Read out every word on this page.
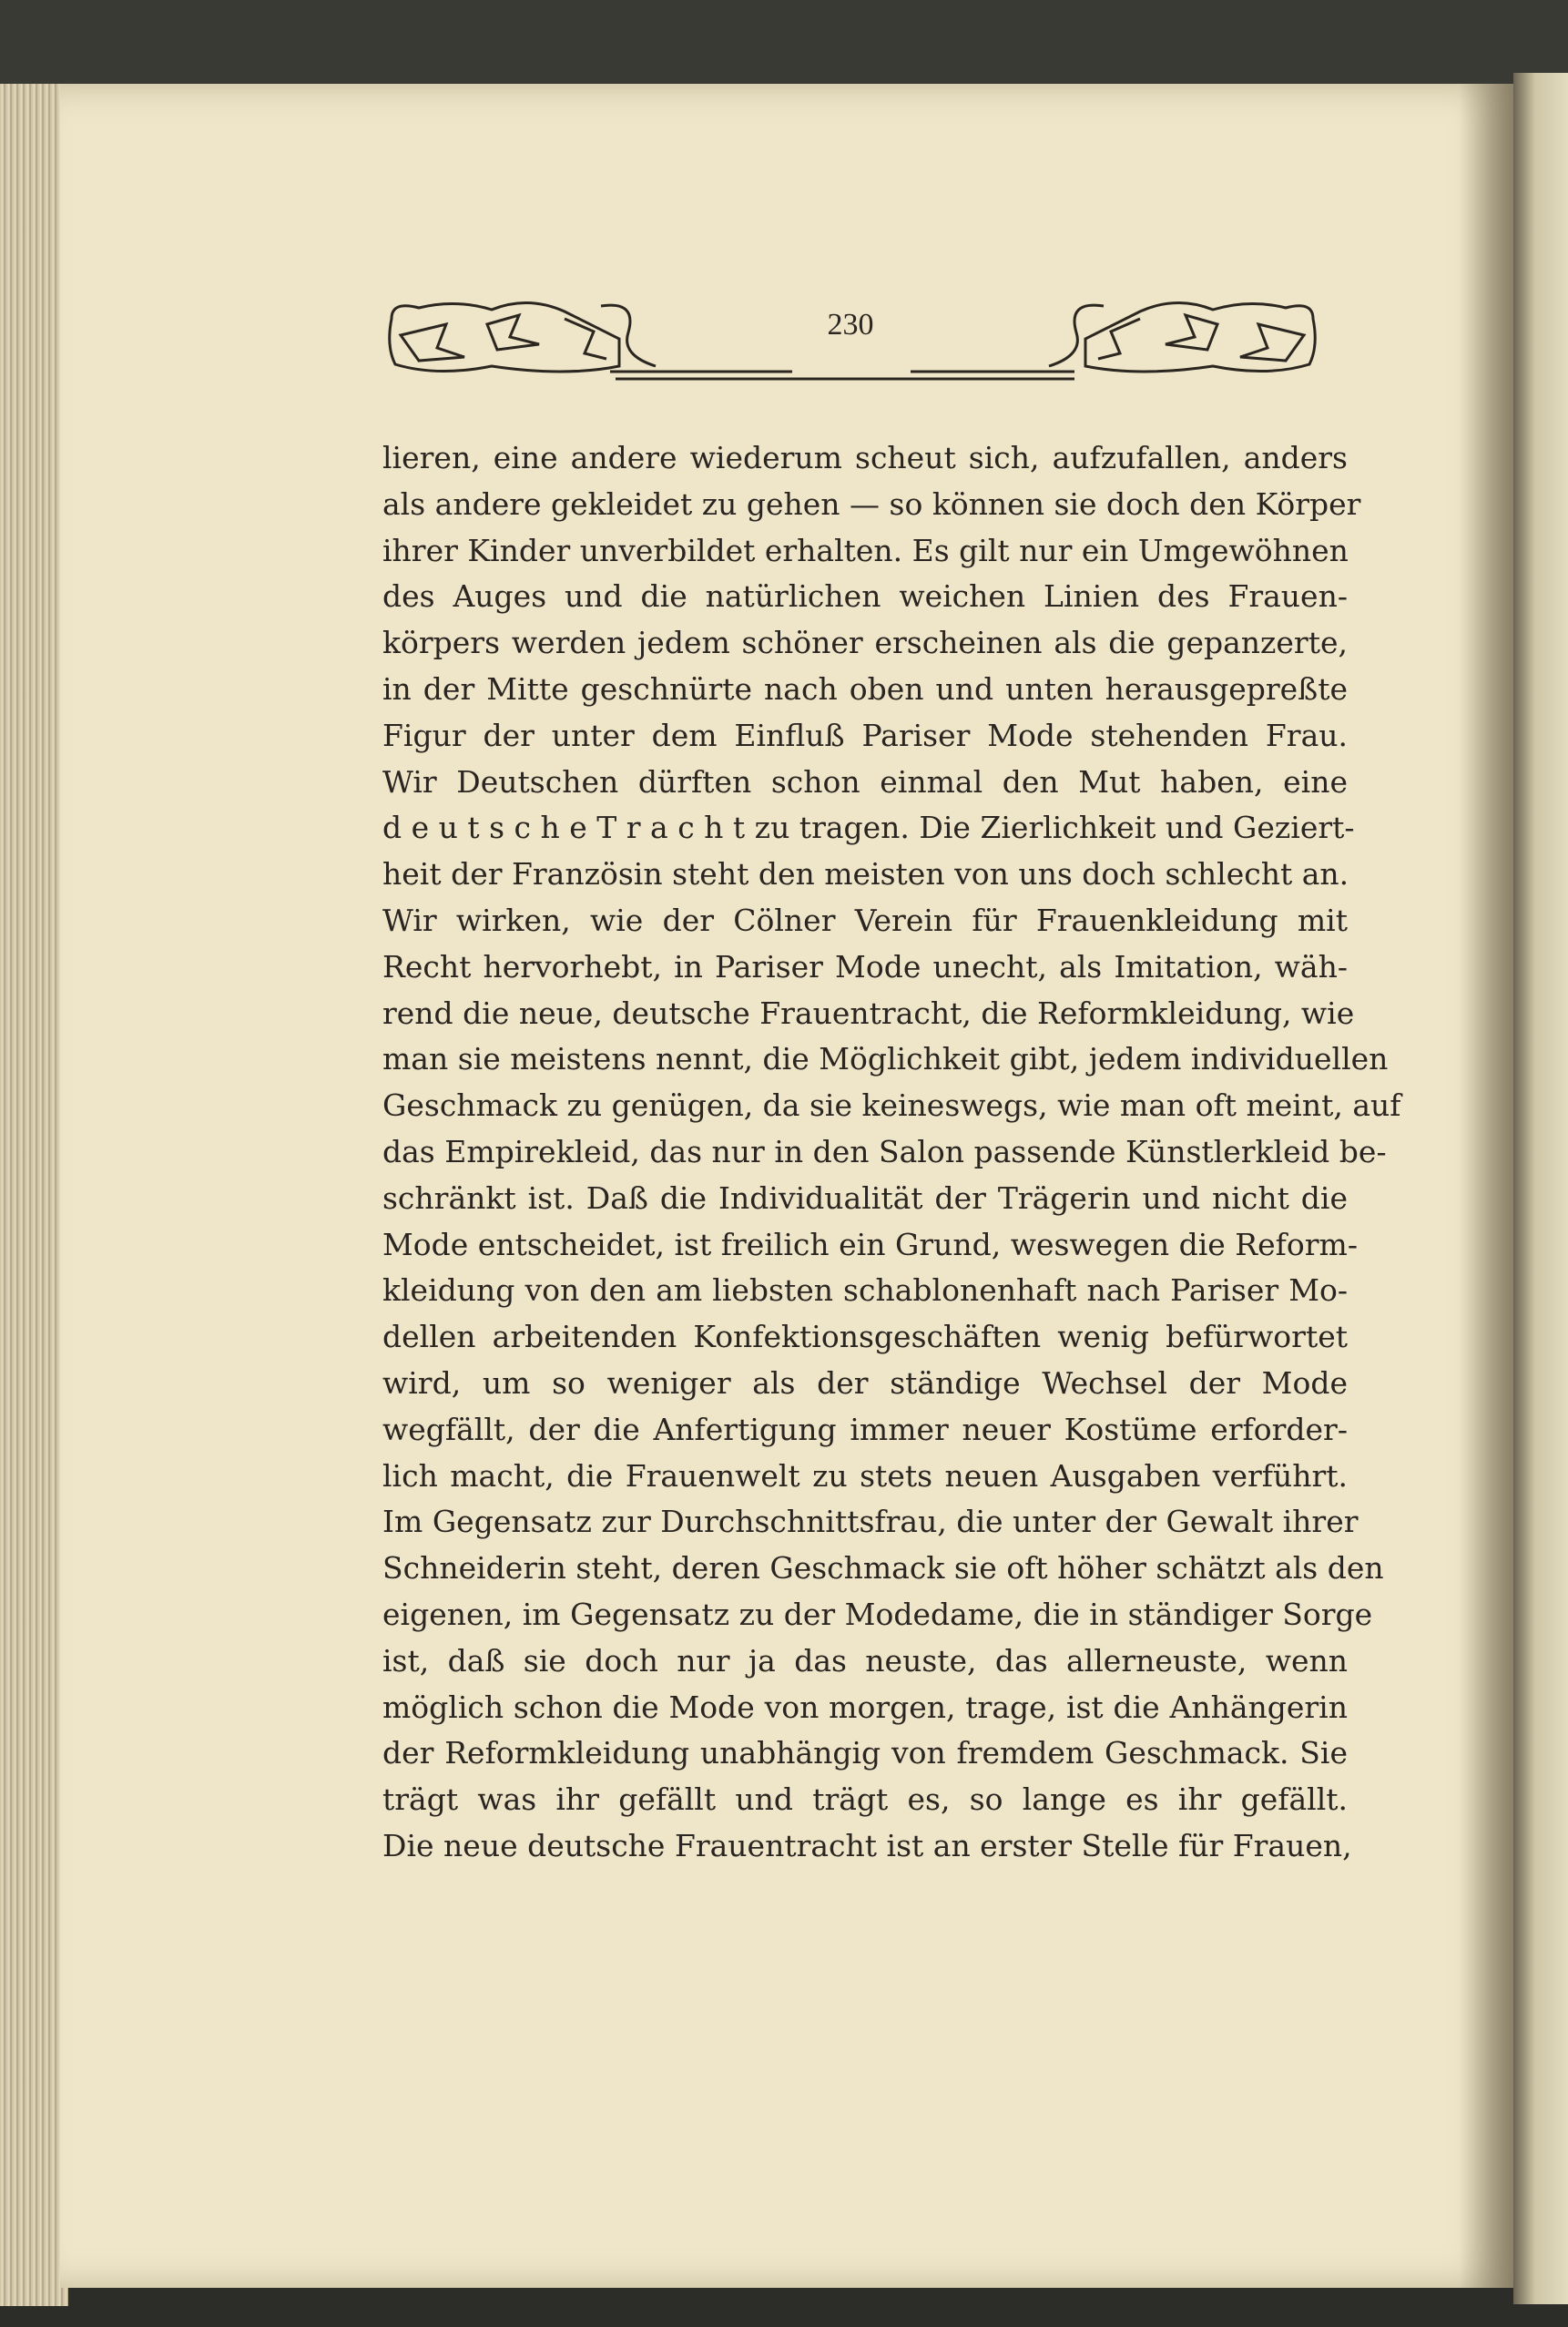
230
lieren, eine andere wiederum scheut sich, aufzufallen, anders
als andere gekleidet zu gehen — so können sie doch den Körper
ihrer Kinder unverbildet erhalten. Es gilt nur ein Umgewöhnen
des Auges und die natürlichen weichen Linien des Frauen-
körpers werden jedem schöner erscheinen als die gepanzerte,
in der Mitte geschnürte nach oben und unten herausgepreßte
Figur der unter dem Einfluß Pariser Mode stehenden Frau.
Wir Deutschen dürften schon einmal den Mut haben, eine
d e u t s c h e T r a c h t zu tragen. Die Zierlichkeit und Geziert-
heit der Französin steht den meisten von uns doch schlecht an.
Wir wirken, wie der Cölner Verein für Frauenkleidung mit
Recht hervorhebt, in Pariser Mode unecht, als Imitation, wäh-
rend die neue, deutsche Frauentracht, die Reformkleidung, wie
man sie meistens nennt, die Möglichkeit gibt, jedem individuellen
Geschmack zu genügen, da sie keineswegs, wie man oft meint, auf
das Empirekleid, das nur in den Salon passende Künstlerkleid be-
schränkt ist. Daß die Individualität der Trägerin und nicht die
Mode entscheidet, ist freilich ein Grund, weswegen die Reform-
kleidung von den am liebsten schablonenhaft nach Pariser Mo-
dellen arbeitenden Konfektionsgeschäften wenig befürwortet
wird, um so weniger als der ständige Wechsel der Mode
wegfällt, der die Anfertigung immer neuer Kostüme erforder-
lich macht, die Frauenwelt zu stets neuen Ausgaben verführt.
Im Gegensatz zur Durchschnittsfrau, die unter der Gewalt ihrer
Schneiderin steht, deren Geschmack sie oft höher schätzt als den
eigenen, im Gegensatz zu der Modedame, die in ständiger Sorge
ist, daß sie doch nur ja das neuste, das allerneuste, wenn
möglich schon die Mode von morgen, trage, ist die Anhängerin
der Reformkleidung unabhängig von fremdem Geschmack. Sie
trägt was ihr gefällt und trägt es, so lange es ihr gefällt.
Die neue deutsche Frauentracht ist an erster Stelle für Frauen,
